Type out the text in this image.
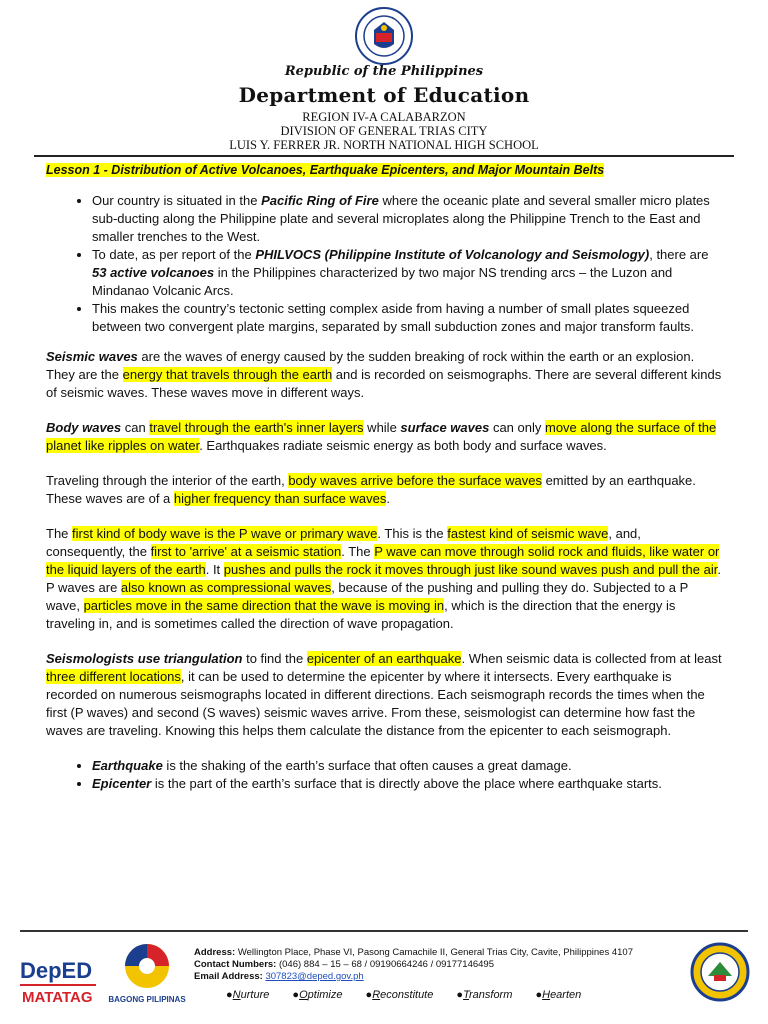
Republic of the Philippines
Department of Education
REGION IV-A CALABARZON
DIVISION OF GENERAL TRIAS CITY
LUIS Y. FERRER JR. NORTH NATIONAL HIGH SCHOOL
Lesson 1 - Distribution of Active Volcanoes, Earthquake Epicenters, and Major Mountain Belts
• Our country is situated in the Pacific Ring of Fire where the oceanic plate and several smaller micro plates sub-ducting along the Philippine plate and several microplates along the Philippine Trench to the East and smaller trenches to the West.
• To date, as per report of the PHILVOCS (Philippine Institute of Volcanology and Seismology), there are 53 active volcanoes in the Philippines characterized by two major NS trending arcs – the Luzon and Mindanao Volcanic Arcs.
• This makes the country’s tectonic setting complex aside from having a number of small plates squeezed between two convergent plate margins, separated by small subduction zones and major transform faults.

Seismic waves are the waves of energy caused by the sudden breaking of rock within the earth or an explosion. They are the energy that travels through the earth and is recorded on seismographs. There are several different kinds of seismic waves. These waves move in different ways.

Body waves can travel through the earth's inner layers while surface waves can only move along the surface of the planet like ripples on water. Earthquakes radiate seismic energy as both body and surface waves.

Traveling through the interior of the earth, body waves arrive before the surface waves emitted by an earthquake. These waves are of a higher frequency than surface waves.

The first kind of body wave is the P wave or primary wave. This is the fastest kind of seismic wave, and, consequently, the first to 'arrive' at a seismic station. The P wave can move through solid rock and fluids, like water or the liquid layers of the earth. It pushes and pulls the rock it moves through just like sound waves push and pull the air. P waves are also known as compressional waves, because of the pushing and pulling they do. Subjected to a P wave, particles move in the same direction that the wave is moving in, which is the direction that the energy is traveling in, and is sometimes called the direction of wave propagation.

Seismologists use triangulation to find the epicenter of an earthquake. When seismic data is collected from at least three different locations, it can be used to determine the epicenter by where it intersects. Every earthquake is recorded on numerous seismographs located in different directions. Each seismograph records the times when the first (P waves) and second (S waves) seismic waves arrive. From these, seismologist can determine how fast the waves are traveling. Knowing this helps them calculate the distance from the epicenter to each seismograph.

• Earthquake is the shaking of the earth’s surface that often causes a great damage.
• Epicenter is the part of the earth’s surface that is directly above the place where earthquake starts.
DepED
MATATAG BAGONG PILIPINAS
Address: Wellington Place, Phase VI, Pasong Camachile II, General Trias City, Cavite, Philippines 4107
Contact Numbers: (046) 884 – 15 – 68 / 09190664246 / 09177146495
Email Address: 307823@deped.gov.ph
●Nurture ●Optimize ●Reconstitute ●Transform ●Hearten
